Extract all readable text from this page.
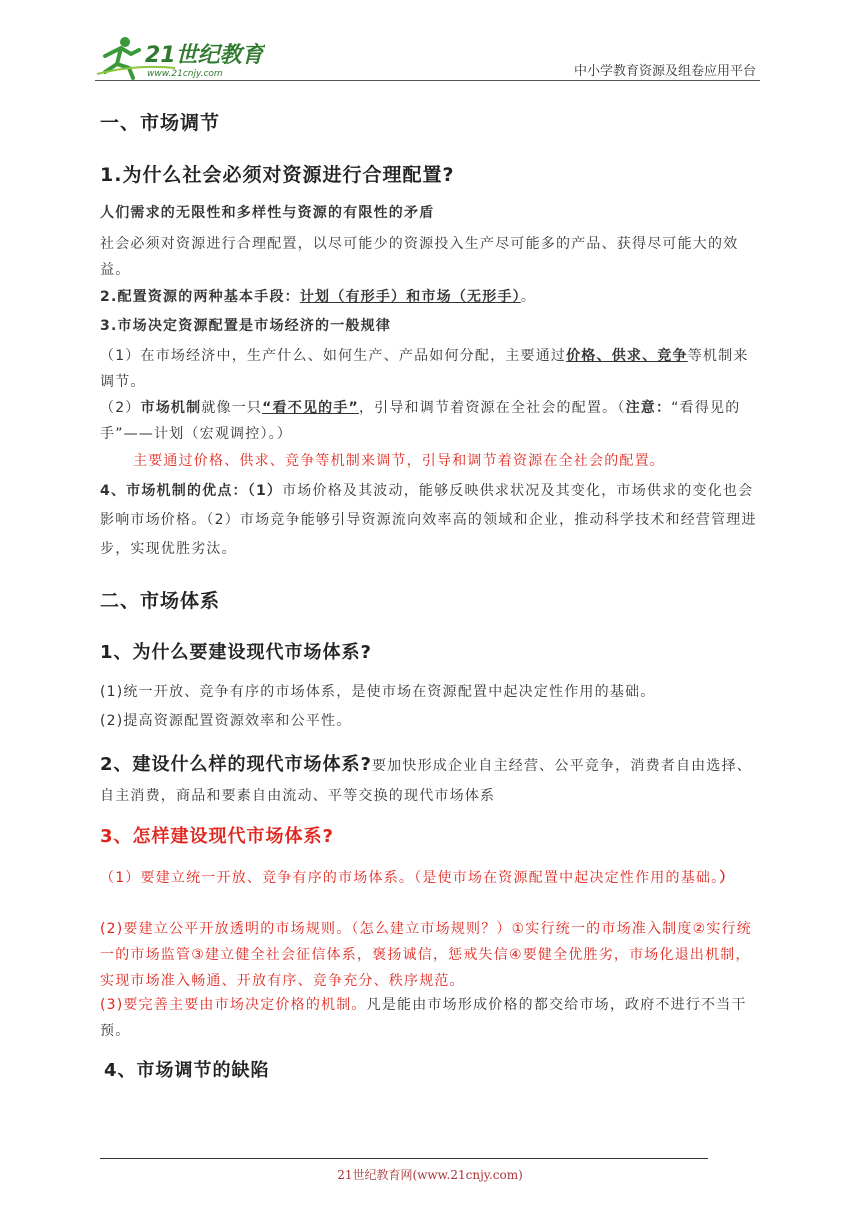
21世纪教育
www.21cnjy.com	中小学教育资源及组卷应用平台
一、市场调节
1.为什么社会必须对资源进行合理配置?
人们需求的无限性和多样性与资源的有限性的矛盾
社会必须对资源进行合理配置，以尽可能少的资源投入生产尽可能多的产品、获得尽可能大的效益。
2.配置资源的两种基本手段：计划（有形手）和市场（无形手）。
3.市场决定资源配置是市场经济的一般规律
（1）在市场经济中，生产什么、如何生产、产品如何分配，主要通过价格、供求、竞争等机制来调节。
（2）市场机制就像一只“看不见的手”，引导和调节着资源在全社会的配置。（注意：“看得见的手”——计划（宏观调控）。）
主要通过价格、供求、竞争等机制来调节，引导和调节着资源在全社会的配置。
4、市场机制的优点：（1）市场价格及其波动，能够反映供求状况及其变化，市场供求的变化也会影响市场价格。（2）市场竞争能够引导资源流向效率高的领域和企业，推动科学技术和经营管理进步，实现优胜劣汰。
二、市场体系
1、为什么要建设现代市场体系?
(1)统一开放、竞争有序的市场体系，是使市场在资源配置中起决定性作用的基础。
(2)提高资源配置资源效率和公平性。
2、建设什么样的现代市场体系?要加快形成企业自主经营、公平竞争，消费者自由选择、自主消费，商品和要素自由流动、平等交换的现代市场体系
3、怎样建设现代市场体系?
（1）要建立统一开放、竞争有序的市场体系。（是使市场在资源配置中起决定性作用的基础。）
(2)要建立公平开放透明的市场规则。（怎么建立市场规则？）①实行统一的市场准入制度②实行统一的市场监管③建立健全社会征信体系，褒扬诚信，惩戒失信④要健全优胜劣，市场化退出机制，实现市场准入畅通、开放有序、竞争充分、秩序规范。
(3)要完善主要由市场决定价格的机制。凡是能由市场形成价格的都交给市场，政府不进行不当干预。
4、市场调节的缺陷
21世纪教育网(www.21cnjy.com)
